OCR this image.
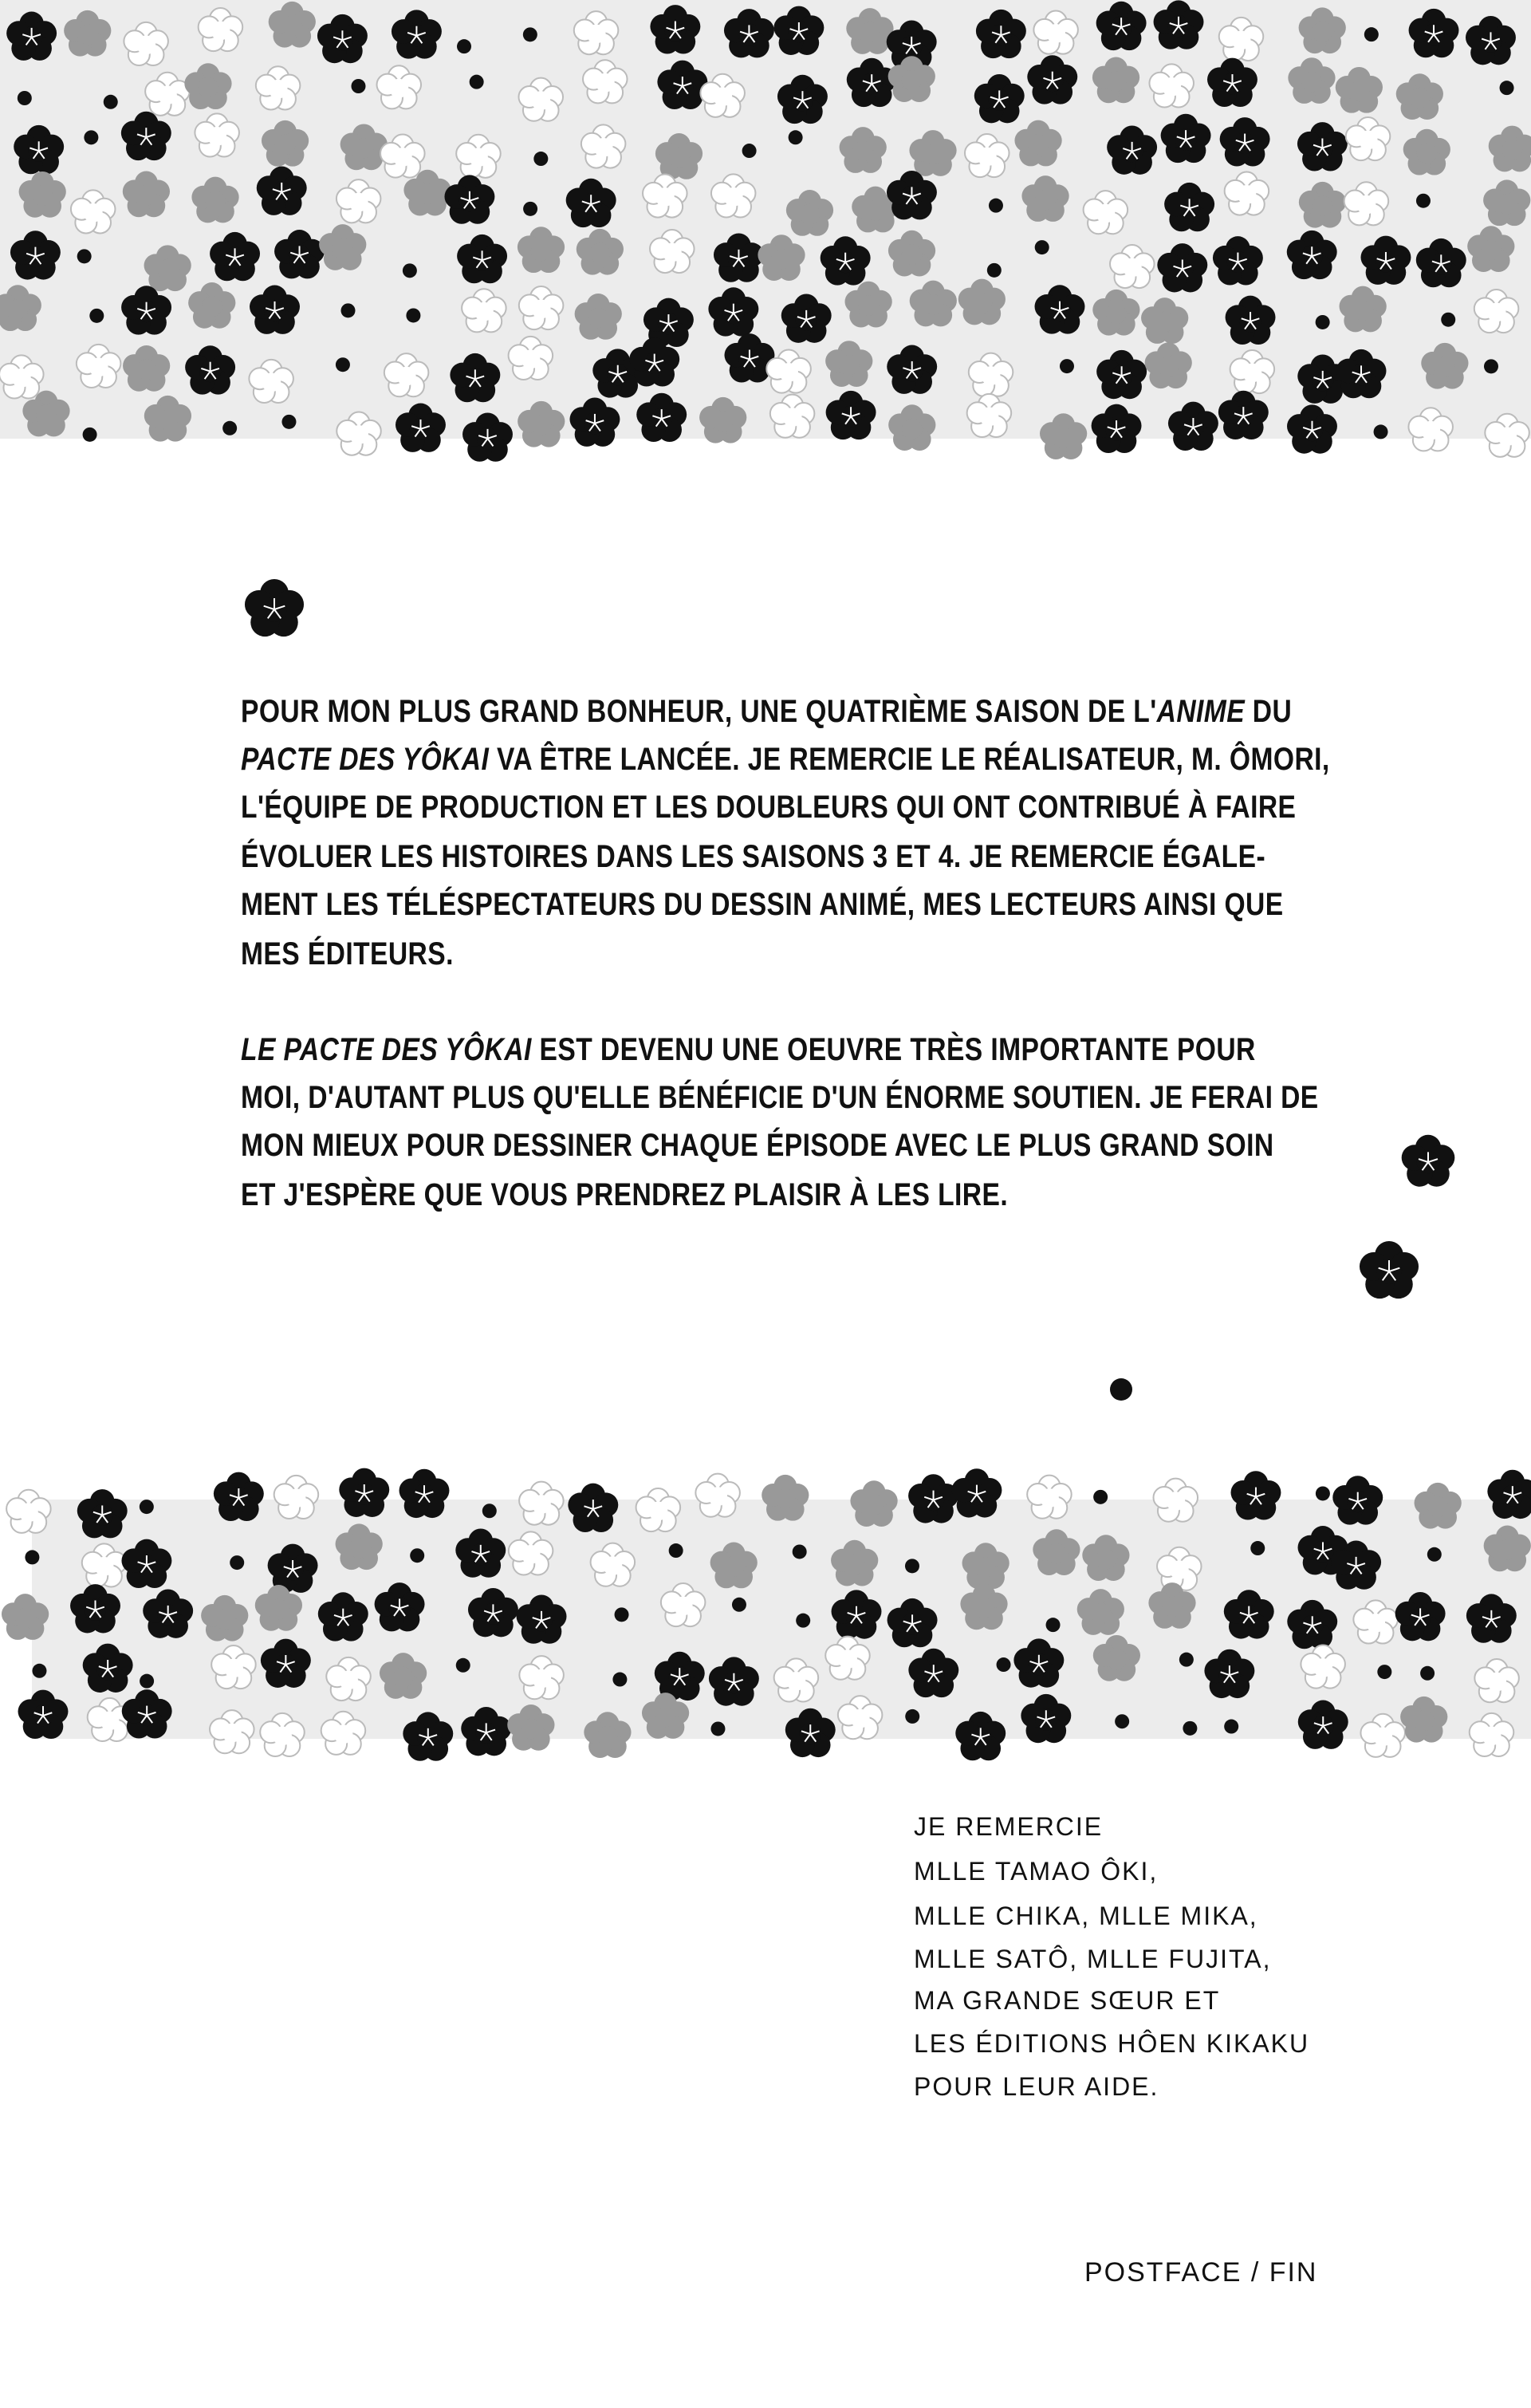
POUR MON PLUS GRAND BONHEUR, UNE QUATRIÈME SAISON DE L'ANIME DU
PACTE DES YÔKAI VA ÊTRE LANCÉE. JE REMERCIE LE RÉALISATEUR, M. ÔMORI,
L'ÉQUIPE DE PRODUCTION ET LES DOUBLEURS QUI ONT CONTRIBUÉ À FAIRE
ÉVOLUER LES HISTOIRES DANS LES SAISONS 3 ET 4. JE REMERCIE ÉGALE-
MENT LES TÉLÉSPECTATEURS DU DESSIN ANIMÉ, MES LECTEURS AINSI QUE
MES ÉDITEURS.
LE PACTE DES YÔKAI EST DEVENU UNE OEUVRE TRÈS IMPORTANTE POUR
MOI, D'AUTANT PLUS QU'ELLE BÉNÉFICIE D'UN ÉNORME SOUTIEN. JE FERAI DE
MON MIEUX POUR DESSINER CHAQUE ÉPISODE AVEC LE PLUS GRAND SOIN
ET J'ESPÈRE QUE VOUS PRENDREZ PLAISIR À LES LIRE.
JE REMERCIE
MLLE TAMAO ÔKI,
MLLE CHIKA, MLLE MIKA,
MLLE SATÔ, MLLE FUJITA,
MA GRANDE SŒUR ET
LES ÉDITIONS HÔEN KIKAKU
POUR LEUR AIDE.
POSTFACE / FIN
